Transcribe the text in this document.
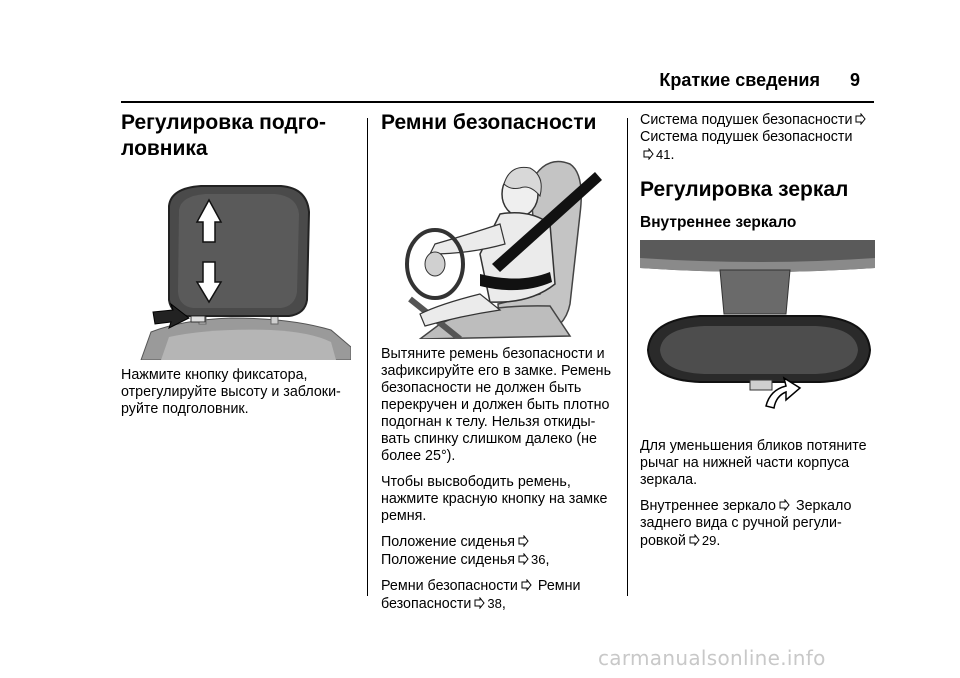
Краткие сведения 9
Регулировка подго-
ловника

Нажмите кнопку фиксатора,
отрегулируйте высоту и заблоки-
руйте подголовник.

Ремни безопасности

Вытяните ремень безопасности и
зафиксируйте его в замке. Ремень
безопасности не должен быть
перекручен и должен быть плотно
подогнан к телу. Нельзя откиды-
вать спинку слишком далеко (не
более 25°).

Чтобы высвободить ремень,
нажмите красную кнопку на замке
ремня.

Положение сиденья
Положение сиденья 36,

Ремни безопасности Ремни
безопасности 38,

Система подушек безопасности
Система подушек безопасности
41.

Регулировка зеркал
Внутреннее зеркало

Для уменьшения бликов потяните
рычаг на нижней части корпуса
зеркала.

Внутреннее зеркало Зеркало
заднего вида с ручной регули-
ровкой 29.

carmanualsonline.info
